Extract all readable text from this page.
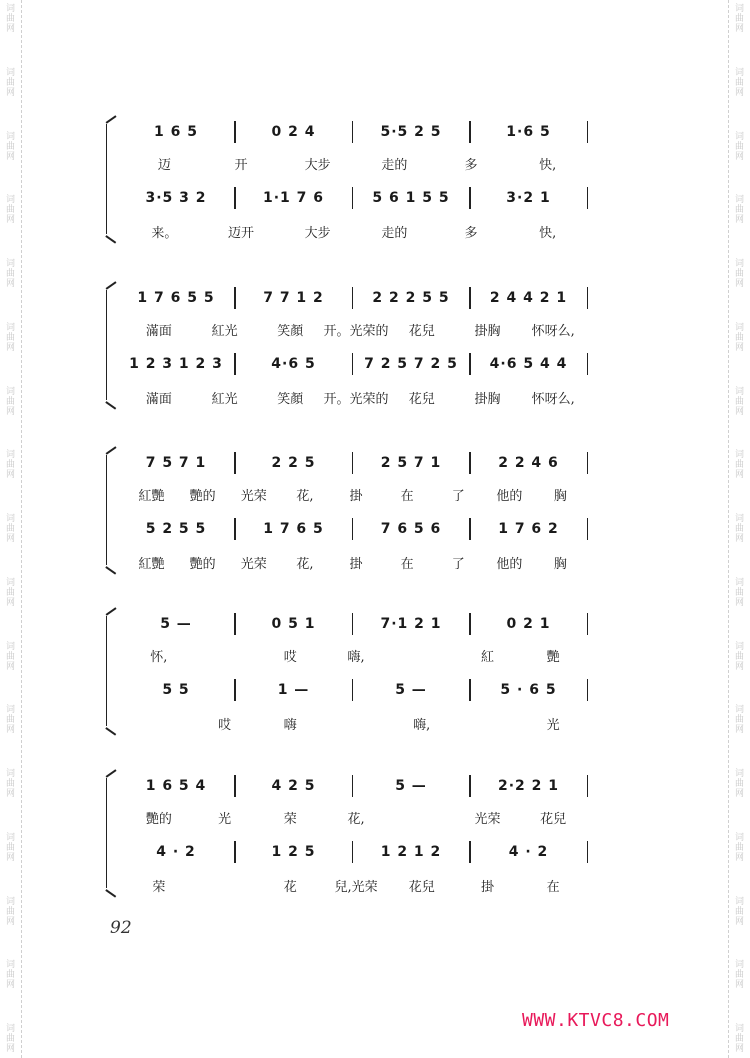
词
曲
网
词
曲
网
词
曲
网
词
曲
网
词
曲
网
词
曲
网
词
曲
网
词
曲
网
词
曲
网
词
曲
网
词
曲
网
词
曲
网
词
曲
网
词
曲
网
词
曲
网
词
曲
网
词
曲
网
词
曲
网
词
曲
网
词
曲
网
词
曲
网
词
曲
网
词
曲
网
词
曲
网
词
曲
网
词
曲
网
词
曲
网
词
曲
网
词
曲
网
词
曲
网
词
曲
网
词
曲
网
词
曲
网
词
曲
网
1 6 5	0 2 4	5·5 2 5	1·6 5
迈	开	大步	走的	多	快,
3·5 3 2	1·1 7 6	5 6 1 5 5	3·2 1
来。	迈开	大步	走的	多	快,
1 7 6 5 5	7 7 1 2	2 2 2 5 5	2 4 4 2 1
滿面	紅光	笑顏	开。光荣的	花兒	掛胸	怀呀么,
1 2 3 1 2 3	4·6 5	7 2 5 7 2 5	4·6 5 4 4
滿面	紅光	笑顏	开。光荣的	花兒	掛胸	怀呀么,
7 5 7 1	2 2 5	2 5 7 1	2 2 4 6
紅艷	艷的	光荣	花,	掛	在	了	他的	胸
5 2 5 5	1 7 6 5	7 6 5 6	1 7 6 2
紅艷	艷的	光荣	花,	掛	在	了	他的	胸
5 —	0 5 1	7·1 2 1	0 2 1
怀,	哎	嗨,	紅	艷
5 5	1 —	5 —	5 · 6 5
哎	嗨	嗨,	光
1 6 5 4	4 2 5	5 —	2·2 2 1
艷的	光	荣	花,	光荣	花兒
4 · 2	1 2 5	1 2 1 2	4 · 2
荣	花	兒,光荣	花兒	掛	在
92
WWW.KTVC8.COM
